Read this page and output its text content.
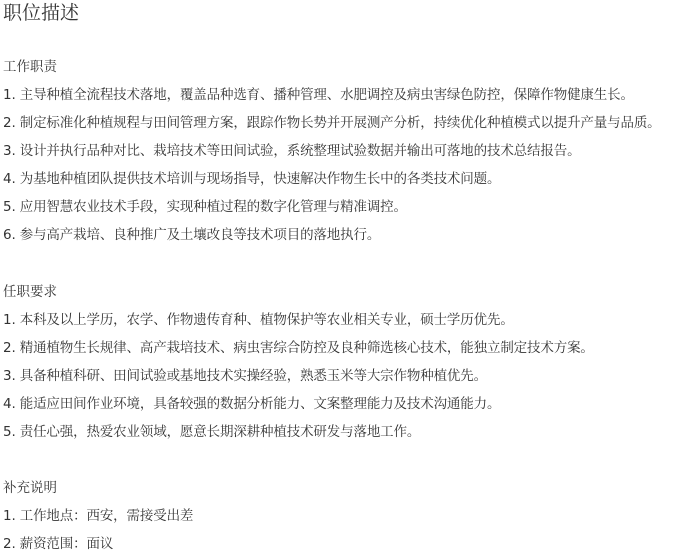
职位描述
工作职责
1. 主导种植全流程技术落地，覆盖品种选育、播种管理、水肥调控及病虫害绿色防控，保障作物健康生长。
2. 制定标准化种植规程与田间管理方案，跟踪作物长势并开展测产分析，持续优化种植模式以提升产量与品质。
3. 设计并执行品种对比、栽培技术等田间试验，系统整理试验数据并输出可落地的技术总结报告。
4. 为基地种植团队提供技术培训与现场指导，快速解决作物生长中的各类技术问题。
5. 应用智慧农业技术手段，实现种植过程的数字化管理与精准调控。
6. 参与高产栽培、良种推广及土壤改良等技术项目的落地执行。
任职要求
1. 本科及以上学历，农学、作物遗传育种、植物保护等农业相关专业，硕士学历优先。
2. 精通植物生长规律、高产栽培技术、病虫害综合防控及良种筛选核心技术，能独立制定技术方案。
3. 具备种植科研、田间试验或基地技术实操经验，熟悉玉米等大宗作物种植优先。
4. 能适应田间作业环境，具备较强的数据分析能力、文案整理能力及技术沟通能力。
5. 责任心强，热爱农业领域，愿意长期深耕种植技术研发与落地工作。
补充说明
1. 工作地点：西安，需接受出差
2. 薪资范围：面议
